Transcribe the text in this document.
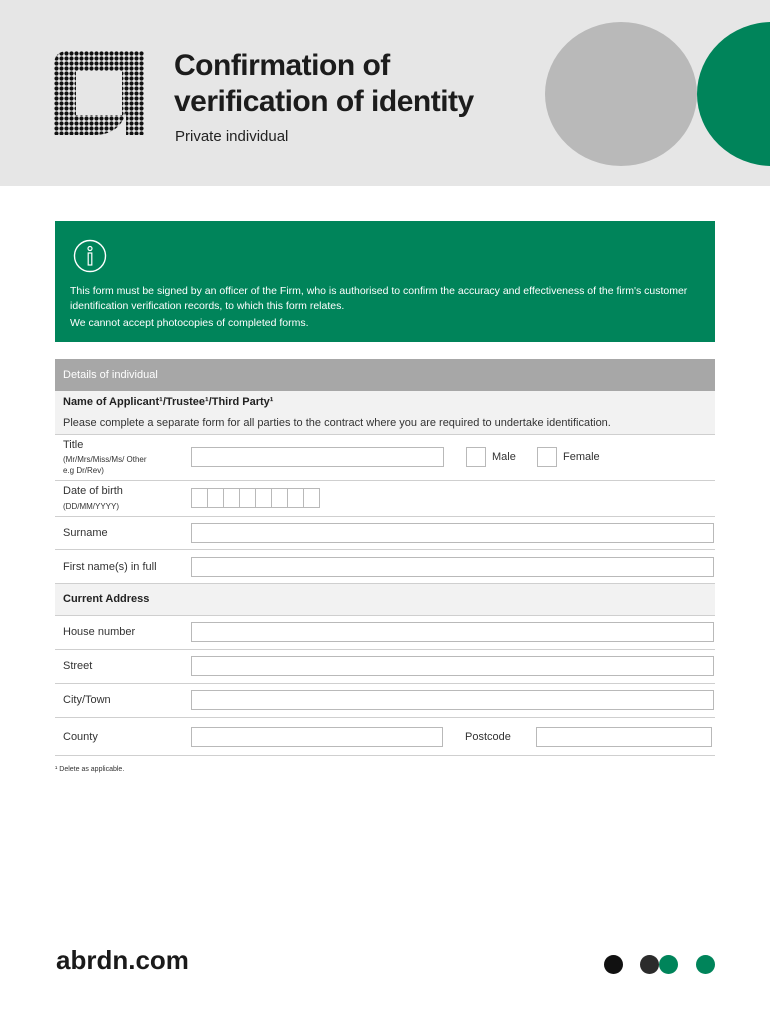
Confirmation of
verification of identity
Private individual

This form must be signed by an officer of the Firm, who is authorised to confirm the accuracy and effectiveness of the firm's customer identification verification records, to which this form relates.

We cannot accept photocopies of completed forms.

Details of individual
Name of Applicant¹/Trustee¹/Third Party¹
Please complete a separate form for all parties to the contract where you are required to undertake identification.
Title
(Mr/Mrs/Miss/Ms/ Other e.g Dr/Rev)
Male	Female
Date of birth
(DD/MM/YYYY)
Surname
First name(s) in full
Current Address
House number
Street
City/Town
County	Postcode
¹ Delete as applicable.
abrdn.com
